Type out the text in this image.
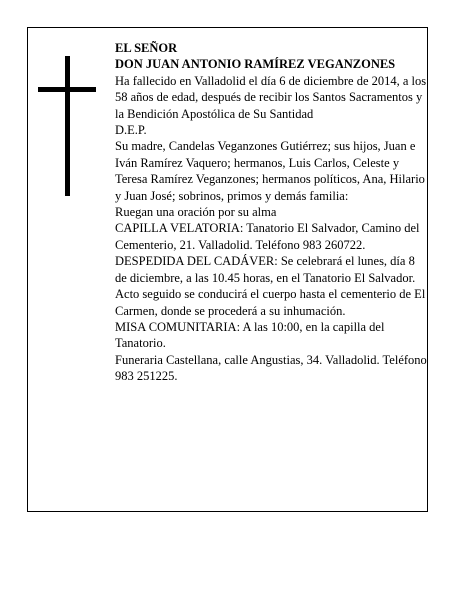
EL SEÑOR

DON JUAN ANTONIO RAMÍREZ VEGANZONES

Ha fallecido en Valladolid el día 6 de diciembre de 2014, a los 58 años de edad, después de recibir los Santos Sacramentos y la Bendición Apostólica de Su Santidad

D.E.P.

Su madre, Candelas Veganzones Gutiérrez; sus hijos, Juan e Iván Ramírez Vaquero; hermanos, Luis Carlos, Celeste y Teresa Ramírez Veganzones; hermanos políticos, Ana, Hilario y Juan José; sobrinos, primos y demás familia:

Ruegan una oración por su alma

CAPILLA VELATORIA: Tanatorio El Salvador, Camino del Cementerio, 21. Valladolid. Teléfono 983 260722.

DESPEDIDA DEL CADÁVER: Se celebrará el lunes, día 8 de diciembre, a las 10.45 horas, en el Tanatorio El Salvador. Acto seguido se conducirá el cuerpo hasta el cementerio de El Carmen, donde se procederá a su inhumación.

MISA COMUNITARIA: A las 10:00, en la capilla del Tanatorio.

Funeraria Castellana, calle Angustias, 34. Valladolid. Teléfono 983 251225.
